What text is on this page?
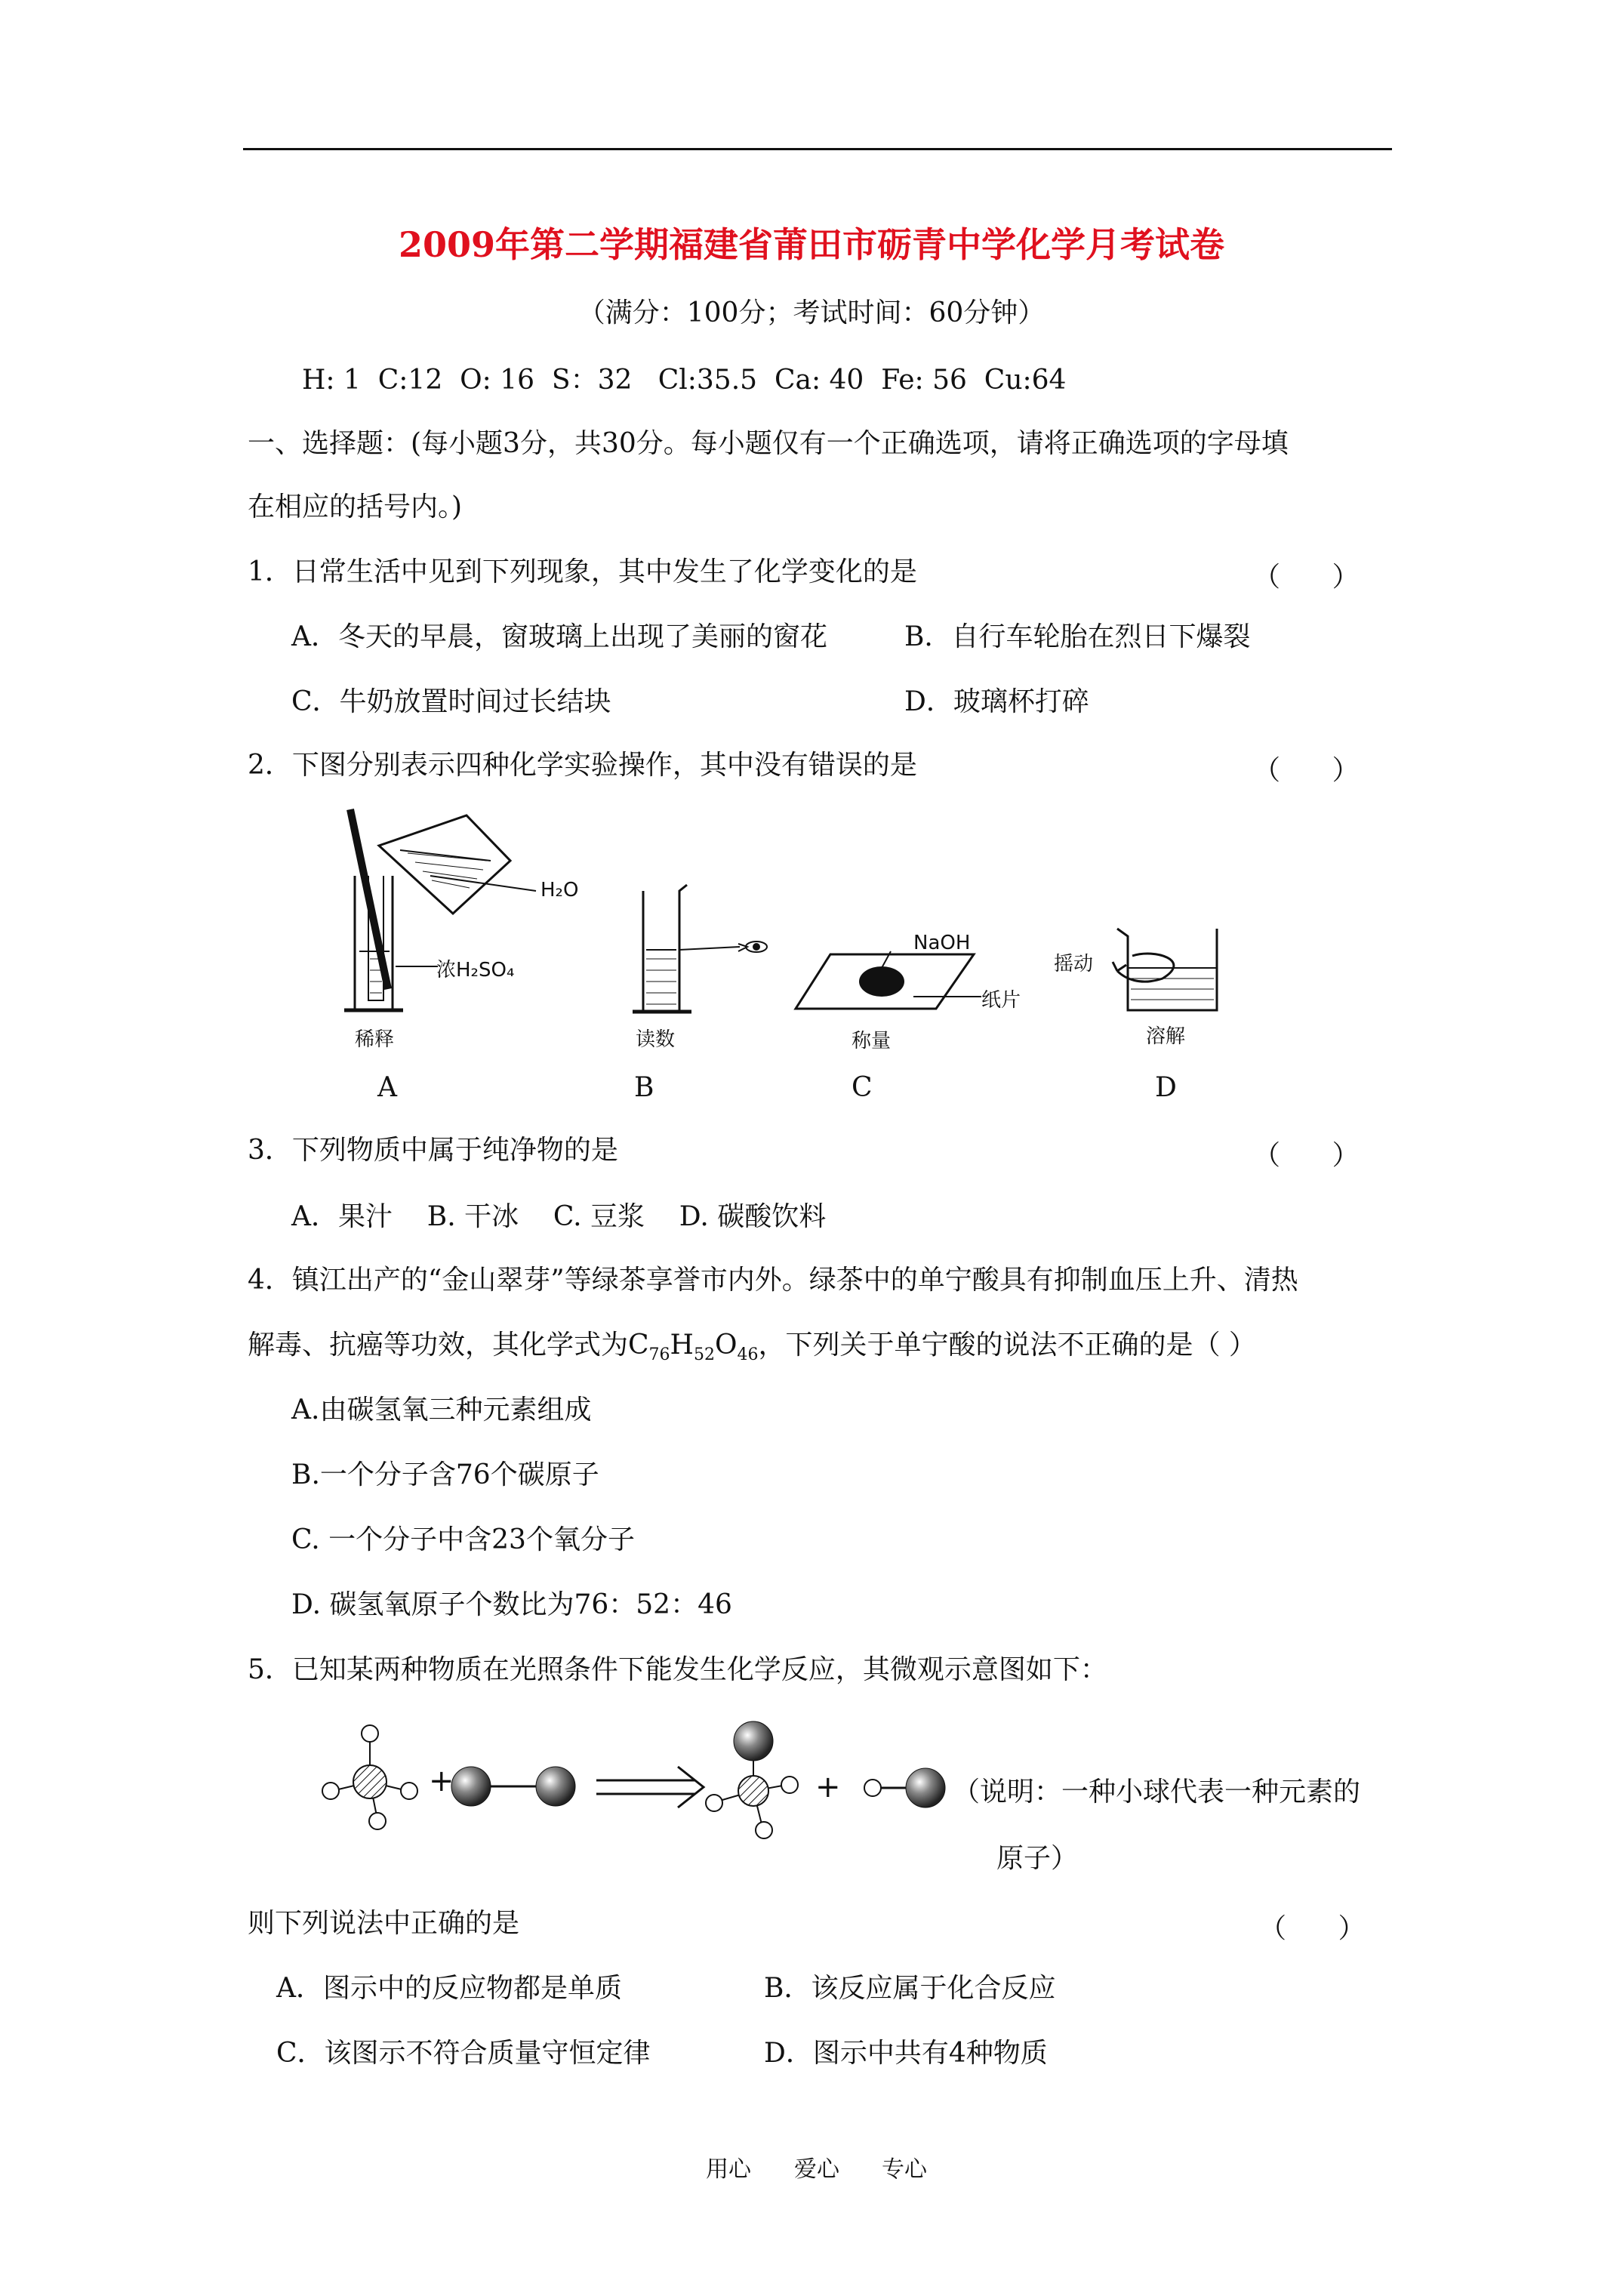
2009年第二学期福建省莆田市砺青中学化学月考试卷
（满分：100分；考试时间：60分钟）
H: 1  C:12  O: 16  S：32   Cl:35.5  Ca: 40  Fe: 56  Cu:64
一、选择题：(每小题3分，共30分。每小题仅有一个正确选项，请将正确选项的字母填
在相应的括号内。)
1．日常生活中见到下列现象，其中发生了化学变化的是	（      ）
A．冬天的早晨，窗玻璃上出现了美丽的窗花	B．自行车轮胎在烈日下爆裂
C．牛奶放置时间过长结块	D．玻璃杯打碎
2．下图分别表示四种化学实验操作，其中没有错误的是	（      ）
H₂O
浓H₂SO₄
稀释	读数
NaOH
纸片
称量
摇动
溶解
A	B	C	D
3．下列物质中属于纯净物的是	（      ）
A．果汁    B. 干冰    C. 豆浆    D. 碳酸饮料
4．镇江出产的“金山翠芽”等绿茶享誉市内外。绿茶中的单宁酸具有抑制血压上升、清热
解毒、抗癌等功效，其化学式为$C_{76}H_{52}O_{46}$，下列关于单宁酸的说法不正确的是（ ）
A.由碳氢氧三种元素组成
B.一个分子含76个碳原子
C. 一个分子中含23个氧分子
D. 碳氢氧原子个数比为76：52：46
5．已知某两种物质在光照条件下能发生化学反应，其微观示意图如下：
+	+	（说明：一种小球代表一种元素的
原子）
则下列说法中正确的是	（      ）
A．图示中的反应物都是单质	B．该反应属于化合反应
C．该图示不符合质量守恒定律	D．图示中共有4种物质
用心 爱心 专心
